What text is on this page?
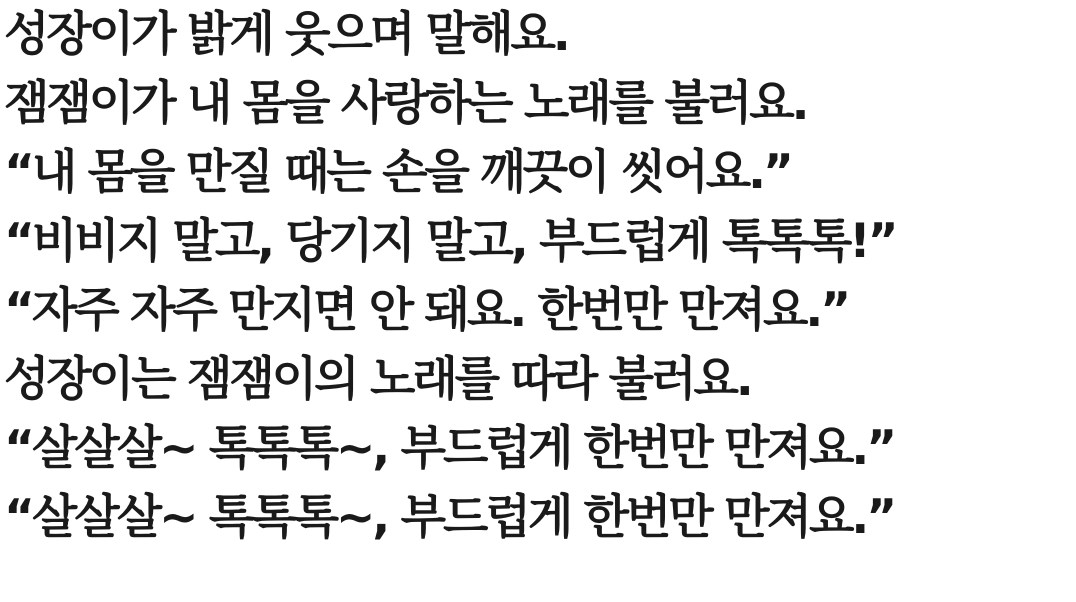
성장이가 밝게 웃으며 말해요.
잼잼이가 내 몸을 사랑하는 노래를 불러요.
“내 몸을 만질 때는 손을 깨끗이 씻어요.”
“비비지 말고, 당기지 말고, 부드럽게 톡톡톡!”
“자주 자주 만지면 안 돼요. 한번만 만져요.”
성장이는 잼잼이의 노래를 따라 불러요.
“살살살~ 톡톡톡~, 부드럽게 한번만 만져요.”
“살살살~ 톡톡톡~, 부드럽게 한번만 만져요.”
